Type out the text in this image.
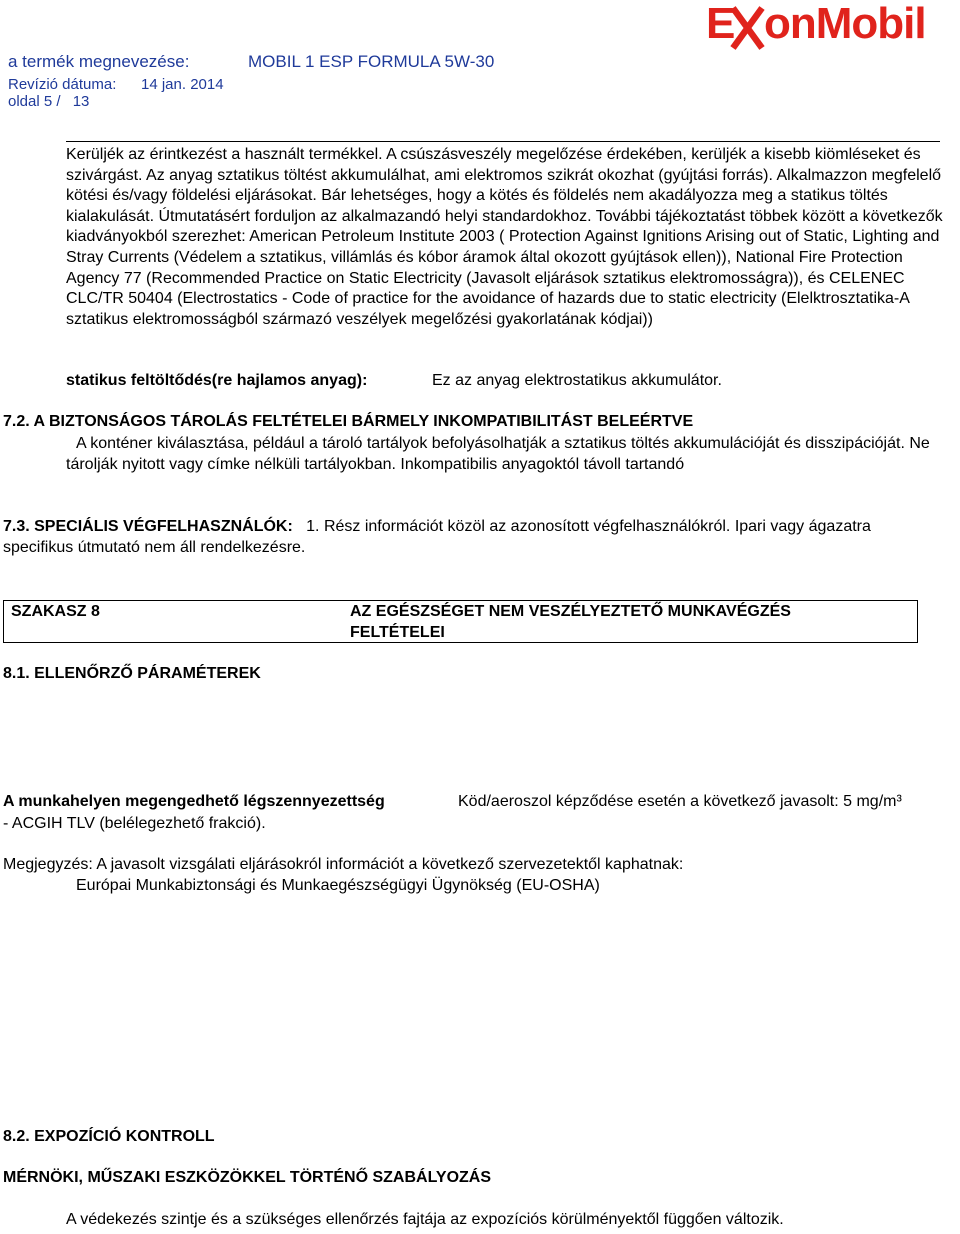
a termék megnevezése:	MOBIL 1 ESP FORMULA 5W-30
Revízió dátuma: 14 jan. 2014
oldal 5 / 13
E onMobil
Kerüljék az érintkezést a használt termékkel. A csúszásveszély megelőzése érdekében, kerüljék a kisebb kiömléseket és szivárgást. Az anyag sztatikus töltést akkumulálhat, ami elektromos szikrát okozhat (gyújtási forrás). Alkalmazzon megfelelő kötési és/vagy földelési eljárásokat. Bár lehetséges, hogy a kötés és földelés nem akadályozza meg a statikus töltés kialakulását. Útmutatásért forduljon az alkalmazandó helyi standardokhoz. További tájékoztatást többek között a következők kiadványokból szerezhet: American Petroleum Institute 2003 ( Protection Against Ignitions Arising out of Static, Lighting and Stray Currents (Védelem a sztatikus, villámlás és kóbor áramok által okozott gyújtások ellen)), National Fire Protection Agency 77 (Recommended Practice on Static Electricity (Javasolt eljárások sztatikus elektromosságra)), és CELENEC CLC/TR 50404 (Electrostatics - Code of practice for the avoidance of hazards due to static electricity (Elelktrosztatika-A sztatikus elektromosságból származó veszélyek megelőzési gyakorlatának kódjai))
statikus feltöltődés(re hajlamos anyag):	Ez az anyag elektrostatikus akkumulátor.
7.2. A BIZTONSÁGOS TÁROLÁS FELTÉTELEI BÁRMELY INKOMPATIBILITÁST BELEÉRTVE
A konténer kiválasztása, például a tároló tartályok befolyásolhatják a sztatikus töltés akkumulációját és disszipációját. Ne tárolják nyitott vagy címke nélküli tartályokban. Inkompatibilis anyagoktól távoll tartandó
7.3. SPECIÁLIS VÉGFELHASZNÁLÓK: 1. Rész információt közöl az azonosított végfelhasználókról. Ipari vagy ágazatra specifikus útmutató nem áll rendelkezésre.
SZAKASZ 8	AZ EGÉSZSÉGET NEM VESZÉLYEZTETŐ MUNKAVÉGZÉS FELTÉTELEI
8.1. ELLENŐRZŐ PÁRAMÉTEREK
A munkahelyen megengedhető légszennyezettség	Köd/aeroszol képződése esetén a következő javasolt: 5 mg/m³
- ACGIH TLV (belélegezhető frakció).
Megjegyzés: A javasolt vizsgálati eljárásokról információt a következő szervezetektől kaphatnak:
Európai Munkabiztonsági és Munkaegészségügyi Ügynökség (EU-OSHA)
8.2. EXPOZÍCIÓ KONTROLL
MÉRNÖKI, MŰSZAKI ESZKÖZÖKKEL TÖRTÉNŐ SZABÁLYOZÁS
A védekezés szintje és a szükséges ellenőrzés fajtája az expozíciós körülményektől függően változik.
